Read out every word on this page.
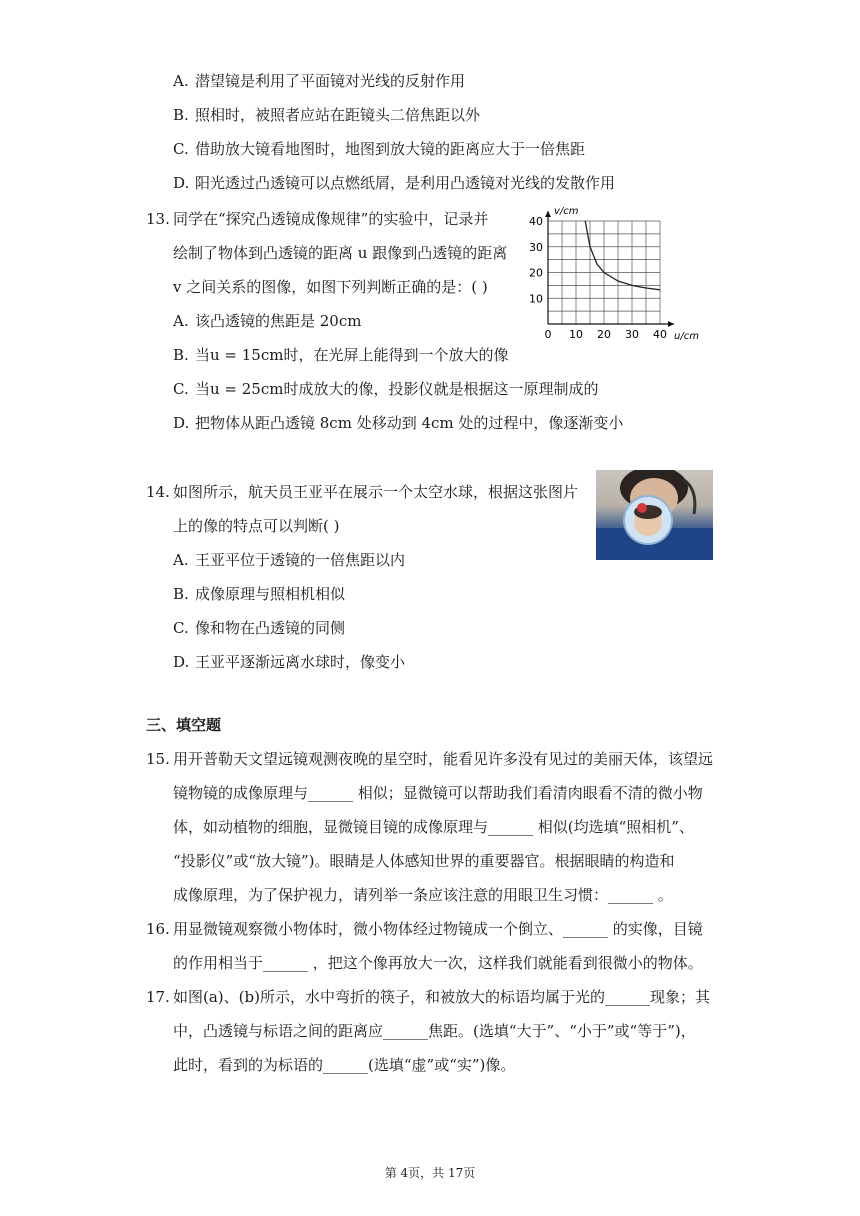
A. 潜望镜是利用了平面镜对光线的反射作用
B. 照相时，被照者应站在距镜头二倍焦距以外
C. 借助放大镜看地图时，地图到放大镜的距离应大于一倍焦距
D. 阳光透过凸透镜可以点燃纸屑，是利用凸透镜对光线的发散作用
13. 同学在“探究凸透镜成像规律”的实验中，记录并
绘制了物体到凸透镜的距离 u 跟像到凸透镜的距离
v 之间关系的图像，如图下列判断正确的是：( )
A. 该凸透镜的焦距是 20cm
B. 当u = 15cm时，在光屏上能得到一个放大的像
C. 当u = 25cm时成放大的像，投影仪就是根据这一原理制成的
D. 把物体从距凸透镜 8cm 处移动到 4cm 处的过程中，像逐渐变小
0 10 20 30 40
10
20
30
40
v/cm
u/cm
14. 如图所示，航天员王亚平在展示一个太空水球，根据这张图片
上的像的特点可以判断( )
A. 王亚平位于透镜的一倍焦距以内
B. 成像原理与照相机相似
C. 像和物在凸透镜的同侧
D. 王亚平逐渐远离水球时，像变小
三、填空题
15. 用开普勒天文望远镜观测夜晚的星空时，能看见许多没有见过的美丽天体，该望远
镜物镜的成像原理与______ 相似；显微镜可以帮助我们看清肉眼看不清的微小物
体，如动植物的细胞，显微镜目镜的成像原理与______ 相似(均选填“照相机”、
“投影仪”或“放大镜”)。眼睛是人体感知世界的重要器官。根据眼睛的构造和
成像原理，为了保护视力，请列举一条应该注意的用眼卫生习惯：______ 。
16. 用显微镜观察微小物体时，微小物体经过物镜成一个倒立、______ 的实像，目镜
的作用相当于______ ，把这个像再放大一次，这样我们就能看到很微小的物体。
17. 如图(a)、(b)所示，水中弯折的筷子，和被放大的标语均属于光的______现象；其
中，凸透镜与标语之间的距离应______焦距。(选填“大于”、“小于”或“等于”)，
此时，看到的为标语的______(选填“虚”或“实”)像。
第 4页，共 17页
